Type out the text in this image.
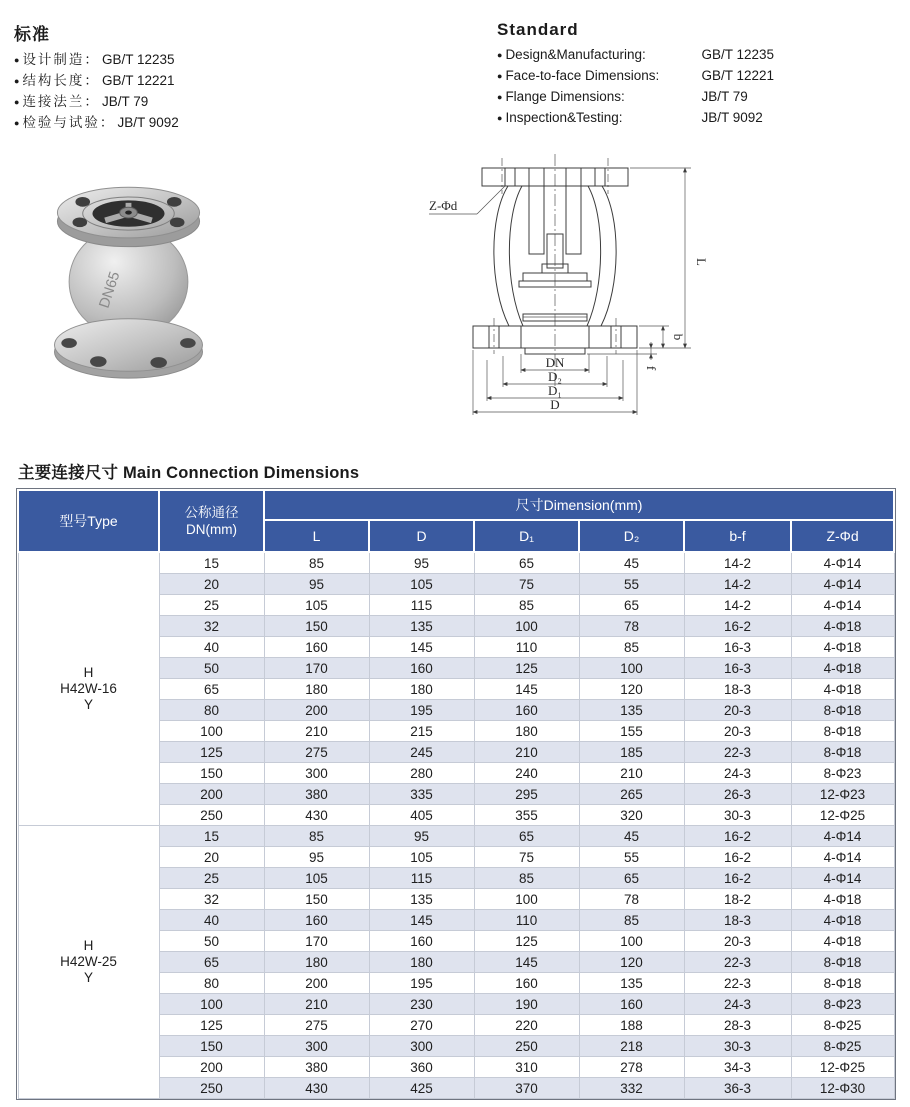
标准
● 设计制造： GB/T 12235
● 结构长度： GB/T 12221
● 连接法兰： JB/T 79
● 检验与试验： JB/T 9092
Standard
● Design&Manufacturing:	GB/T 12235
● Face-to-face Dimensions:	GB/T 12221
● Flange Dimensions:	JB/T 79
● Inspection&Testing:	JB/T 9092
DN65
Z-Φd
L
b
f
DN
D₂
D₁
D
主要连接尺寸 Main Connection Dimensions
型号Type	公称通径
DN(mm)	尺寸Dimension(mm)					
		L	D	D₁	D₂	b-f	Z-Φd

H
H42W-16
Y	15	85	95	65	45	14-2	4-Φ14
	20	95	105	75	55	14-2	4-Φ14
	25	105	115	85	65	14-2	4-Φ14
	32	150	135	100	78	16-2	4-Φ18
	40	160	145	110	85	16-3	4-Φ18
	50	170	160	125	100	16-3	4-Φ18
	65	180	180	145	120	18-3	4-Φ18
	80	200	195	160	135	20-3	8-Φ18
	100	210	215	180	155	20-3	8-Φ18
	125	275	245	210	185	22-3	8-Φ18
	150	300	280	240	210	24-3	8-Φ23
	200	380	335	295	265	26-3	12-Φ23
	250	430	405	355	320	30-3	12-Φ25

H
H42W-25
Y	15	85	95	65	45	16-2	4-Φ14
	20	95	105	75	55	16-2	4-Φ14
	25	105	115	85	65	16-2	4-Φ14
	32	150	135	100	78	18-2	4-Φ18
	40	160	145	110	85	18-3	4-Φ18
	50	170	160	125	100	20-3	4-Φ18
	65	180	180	145	120	22-3	8-Φ18
	80	200	195	160	135	22-3	8-Φ18
	100	210	230	190	160	24-3	8-Φ23
	125	275	270	220	188	28-3	8-Φ25
	150	300	300	250	218	30-3	8-Φ25
	200	380	360	310	278	34-3	12-Φ25
	250	430	425	370	332	36-3	12-Φ30
